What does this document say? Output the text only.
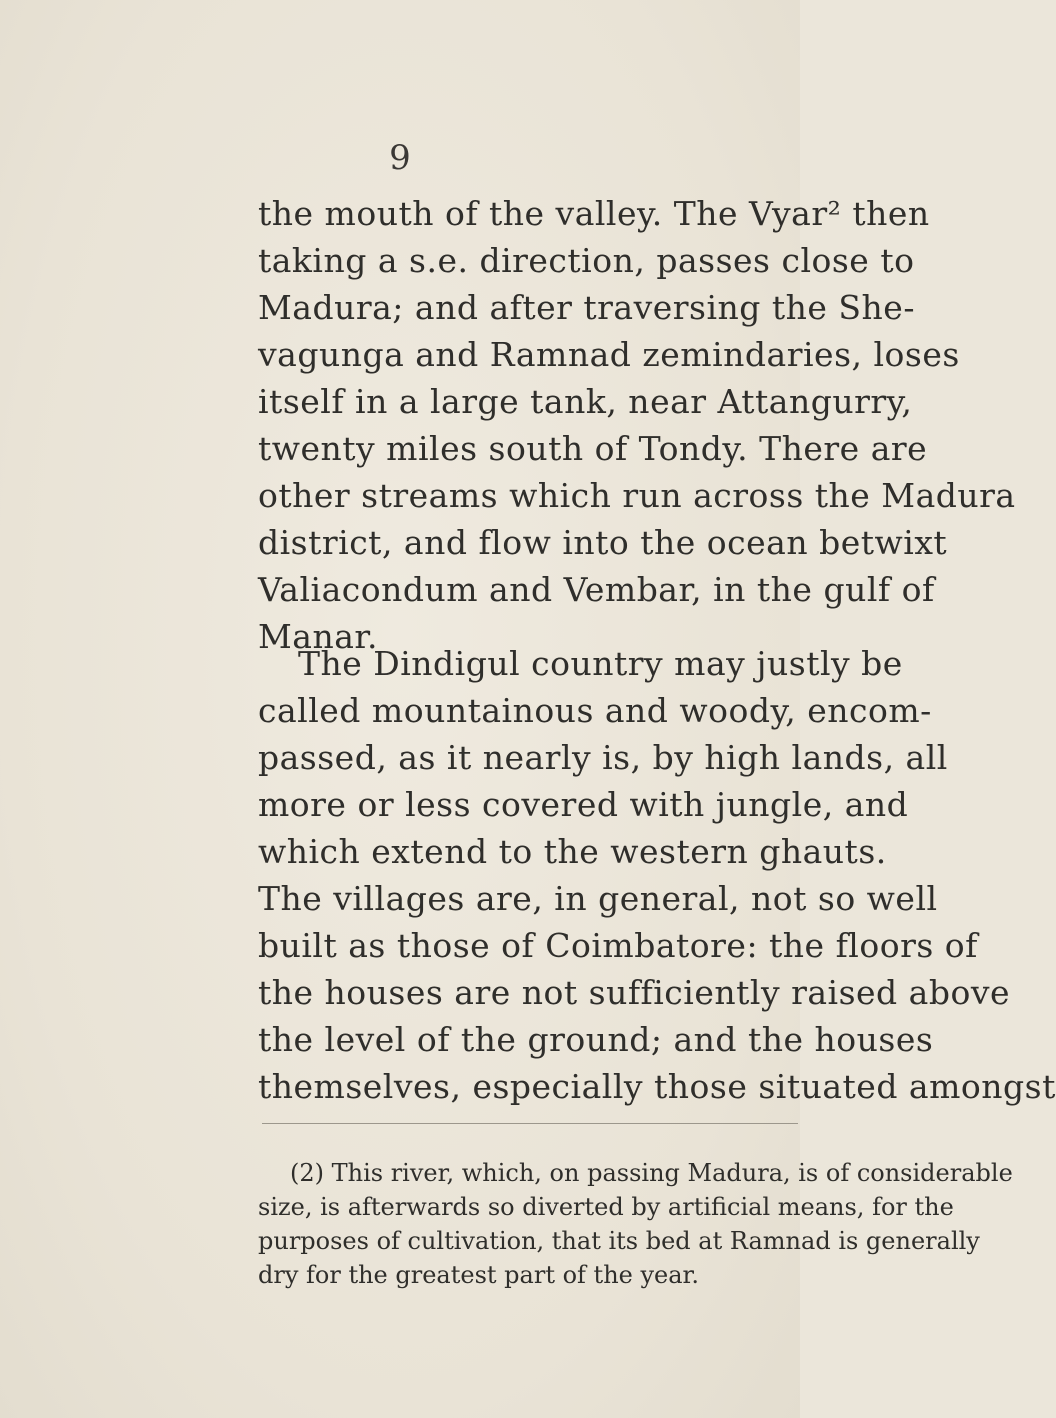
9
the mouth of the valley. The Vyar² then
taking a s.e. direction, passes close to
Madura; and after traversing the She-
vagunga and Ramnad zemindaries, loses
itself in a large tank, near Attangurry,
twenty miles south of Tondy. There are
other streams which run across the Madura
district, and flow into the ocean betwixt
Valiacondum and Vembar, in the gulf of
Manar.
The Dindigul country may justly be
called mountainous and woody, encom-
passed, as it nearly is, by high lands, all
more or less covered with jungle, and
which extend to the western ghauts.
The villages are, in general, not so well
built as those of Coimbatore: the floors of
the houses are not sufficiently raised above
the level of the ground; and the houses
themselves, especially those situated amongst
(2) This river, which, on passing Madura, is of considerable
size, is afterwards so diverted by artificial means, for the
purposes of cultivation, that its bed at Ramnad is generally
dry for the greatest part of the year.
